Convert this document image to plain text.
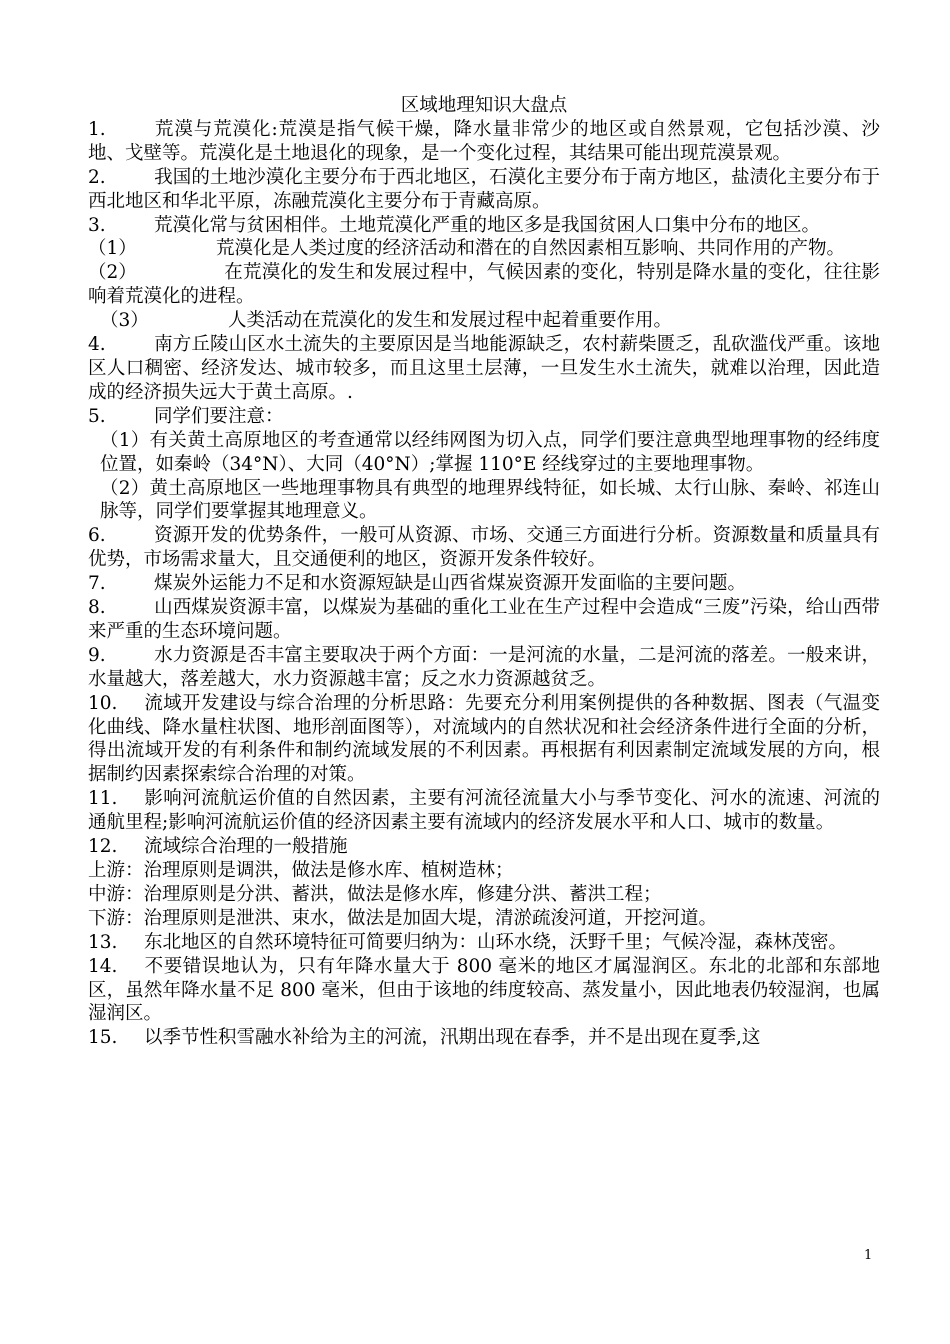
区域地理知识大盘点

1.	荒漠与荒漠化:荒漠是指气候干燥，降水量非常少的地区或自然景观，它包括沙漠、沙地、戈壁等。荒漠化是土地退化的现象，是一个变化过程，其结果可能出现荒漠景观。

2.	我国的土地沙漠化主要分布于西北地区，石漠化主要分布于南方地区，盐渍化主要分布于西北地区和华北平原，冻融荒漠化主要分布于青藏高原。

3.	荒漠化常与贫困相伴。土地荒漠化严重的地区多是我国贫困人口集中分布的地区。

（1）	荒漠化是人类过度的经济活动和潜在的自然因素相互影响、共同作用的产物。

（2）	在荒漠化的发生和发展过程中，气候因素的变化，特别是降水量的变化，往往影响着荒漠化的进程。

（3）	人类活动在荒漠化的发生和发展过程中起着重要作用。

4.	南方丘陵山区水土流失的主要原因是当地能源缺乏，农村薪柴匮乏，乱砍滥伐严重。该地区人口稠密、经济发达、城市较多，而且这里土层薄，一旦发生水土流失，就难以治理，因此造成的经济损失远大于黄土高原。.

5.	同学们要注意：

（1）有关黄土高原地区的考查通常以经纬网图为切入点，同学们要注意典型地理事物的经纬度位置，如秦岭（34°N）、大同（40°N）;掌握 110°E 经线穿过的主要地理事物。

（2）黄土高原地区一些地理事物具有典型的地理界线特征，如长城、太行山脉、秦岭、祁连山脉等，同学们要掌握其地理意义。

6.	资源开发的优势条件，一般可从资源、市场、交通三方面进行分析。资源数量和质量具有优势，市场需求量大，且交通便利的地区，资源开发条件较好。

7.	煤炭外运能力不足和水资源短缺是山西省煤炭资源开发面临的主要问题。

8.	山西煤炭资源丰富，以煤炭为基础的重化工业在生产过程中会造成“三废”污染，给山西带来严重的生态环境问题。

9.	水力资源是否丰富主要取决于两个方面：一是河流的水量，二是河流的落差。一般来讲，水量越大，落差越大，水力资源越丰富；反之水力资源越贫乏。

10. 流域开发建设与综合治理的分析思路：先要充分利用案例提供的各种数据、图表（气温变化曲线、降水量柱状图、地形剖面图等），对流域内的自然状况和社会经济条件进行全面的分析，得出流域开发的有利条件和制约流域发展的不利因素。再根据有利因素制定流域发展的方向，根据制约因素探索综合治理的对策。

11. 影响河流航运价值的自然因素，主要有河流径流量大小与季节变化、河水的流速、河流的通航里程;影响河流航运价值的经济因素主要有流域内的经济发展水平和人口、城市的数量。

12. 流域综合治理的一般措施

上游：治理原则是调洪，做法是修水库、植树造林；

中游：治理原则是分洪、蓄洪，做法是修水库，修建分洪、蓄洪工程；

下游：治理原则是泄洪、束水，做法是加固大堤，清淤疏浚河道，开挖河道。

13. 东北地区的自然环境特征可简要归纳为：山环水绕，沃野千里；气候冷湿，森林茂密。

14. 不要错误地认为，只有年降水量大于 800 毫米的地区才属湿润区。东北的北部和东部地区，虽然年降水量不足 800 毫米，但由于该地的纬度较高、蒸发量小，因此地表仍较湿润，也属湿润区。

15. 以季节性积雪融水补给为主的河流，汛期出现在春季，并不是出现在夏季,这

1
